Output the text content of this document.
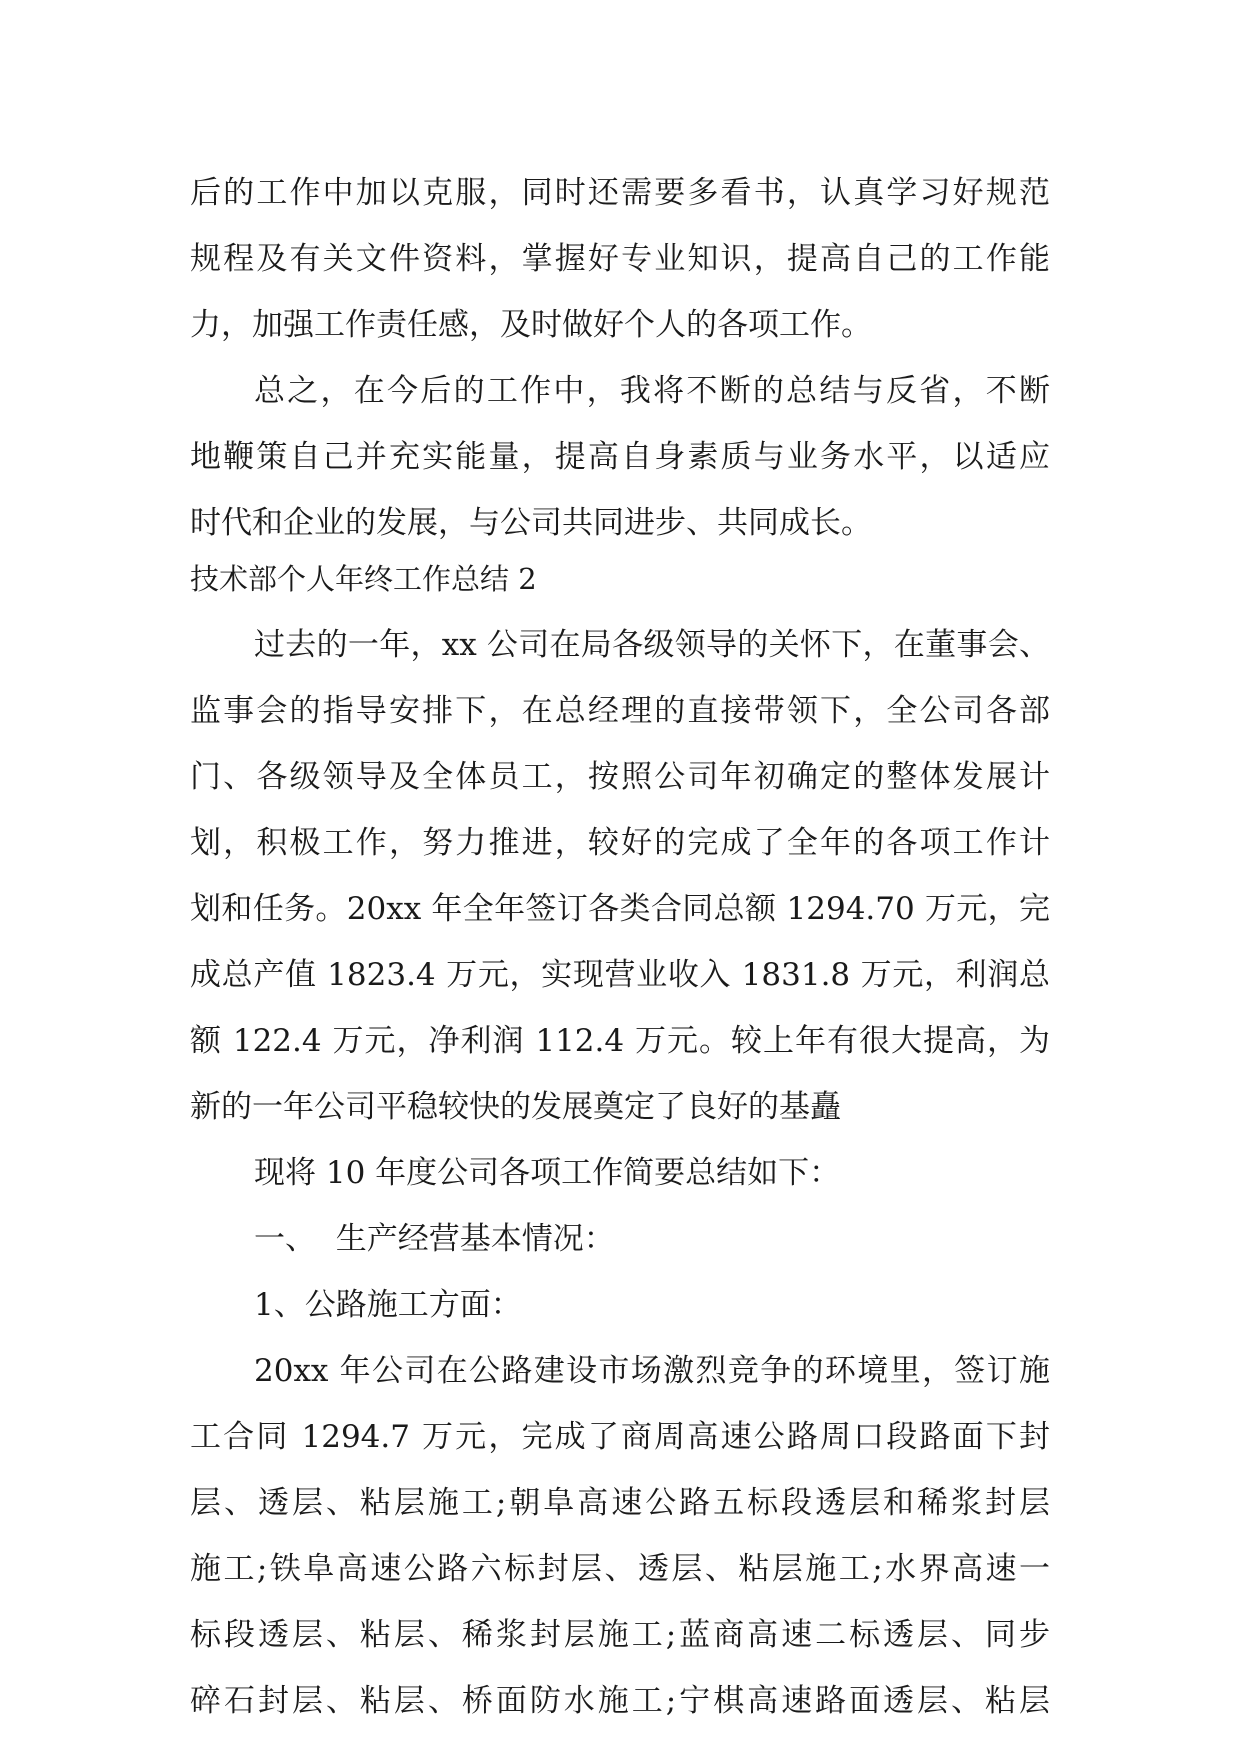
后的工作中加以克服，同时还需要多看书，认真学习好规范
规程及有关文件资料，掌握好专业知识，提高自己的工作能
力，加强工作责任感，及时做好个人的各项工作。
总之，在今后的工作中，我将不断的总结与反省，不断
地鞭策自己并充实能量，提高自身素质与业务水平，以适应
时代和企业的发展，与公司共同进步、共同成长。
技术部个人年终工作总结 2
过去的一年，xx 公司在局各级领导的关怀下，在董事会、
监事会的指导安排下，在总经理的直接带领下，全公司各部
门、各级领导及全体员工，按照公司年初确定的整体发展计
划，积极工作，努力推进，较好的完成了全年的各项工作计
划和任务。20xx 年全年签订各类合同总额 1294.70 万元，完
成总产值 1823.4 万元，实现营业收入 1831.8 万元，利润总
额 122.4 万元，净利润 112.4 万元。较上年有很大提高，为
新的一年公司平稳较快的发展奠定了良好的基矗
现将 10 年度公司各项工作简要总结如下：
一、  生产经营基本情况：
1、公路施工方面：
20xx 年公司在公路建设市场激烈竞争的环境里，签订施
工合同 1294.7 万元，完成了商周高速公路周口段路面下封
层、透层、粘层施工;朝阜高速公路五标段透层和稀浆封层
施工;铁阜高速公路六标封层、透层、粘层施工;水界高速一
标段透层、粘层、稀浆封层施工;蓝商高速二标透层、同步
碎石封层、粘层、桥面防水施工;宁棋高速路面透层、粘层
